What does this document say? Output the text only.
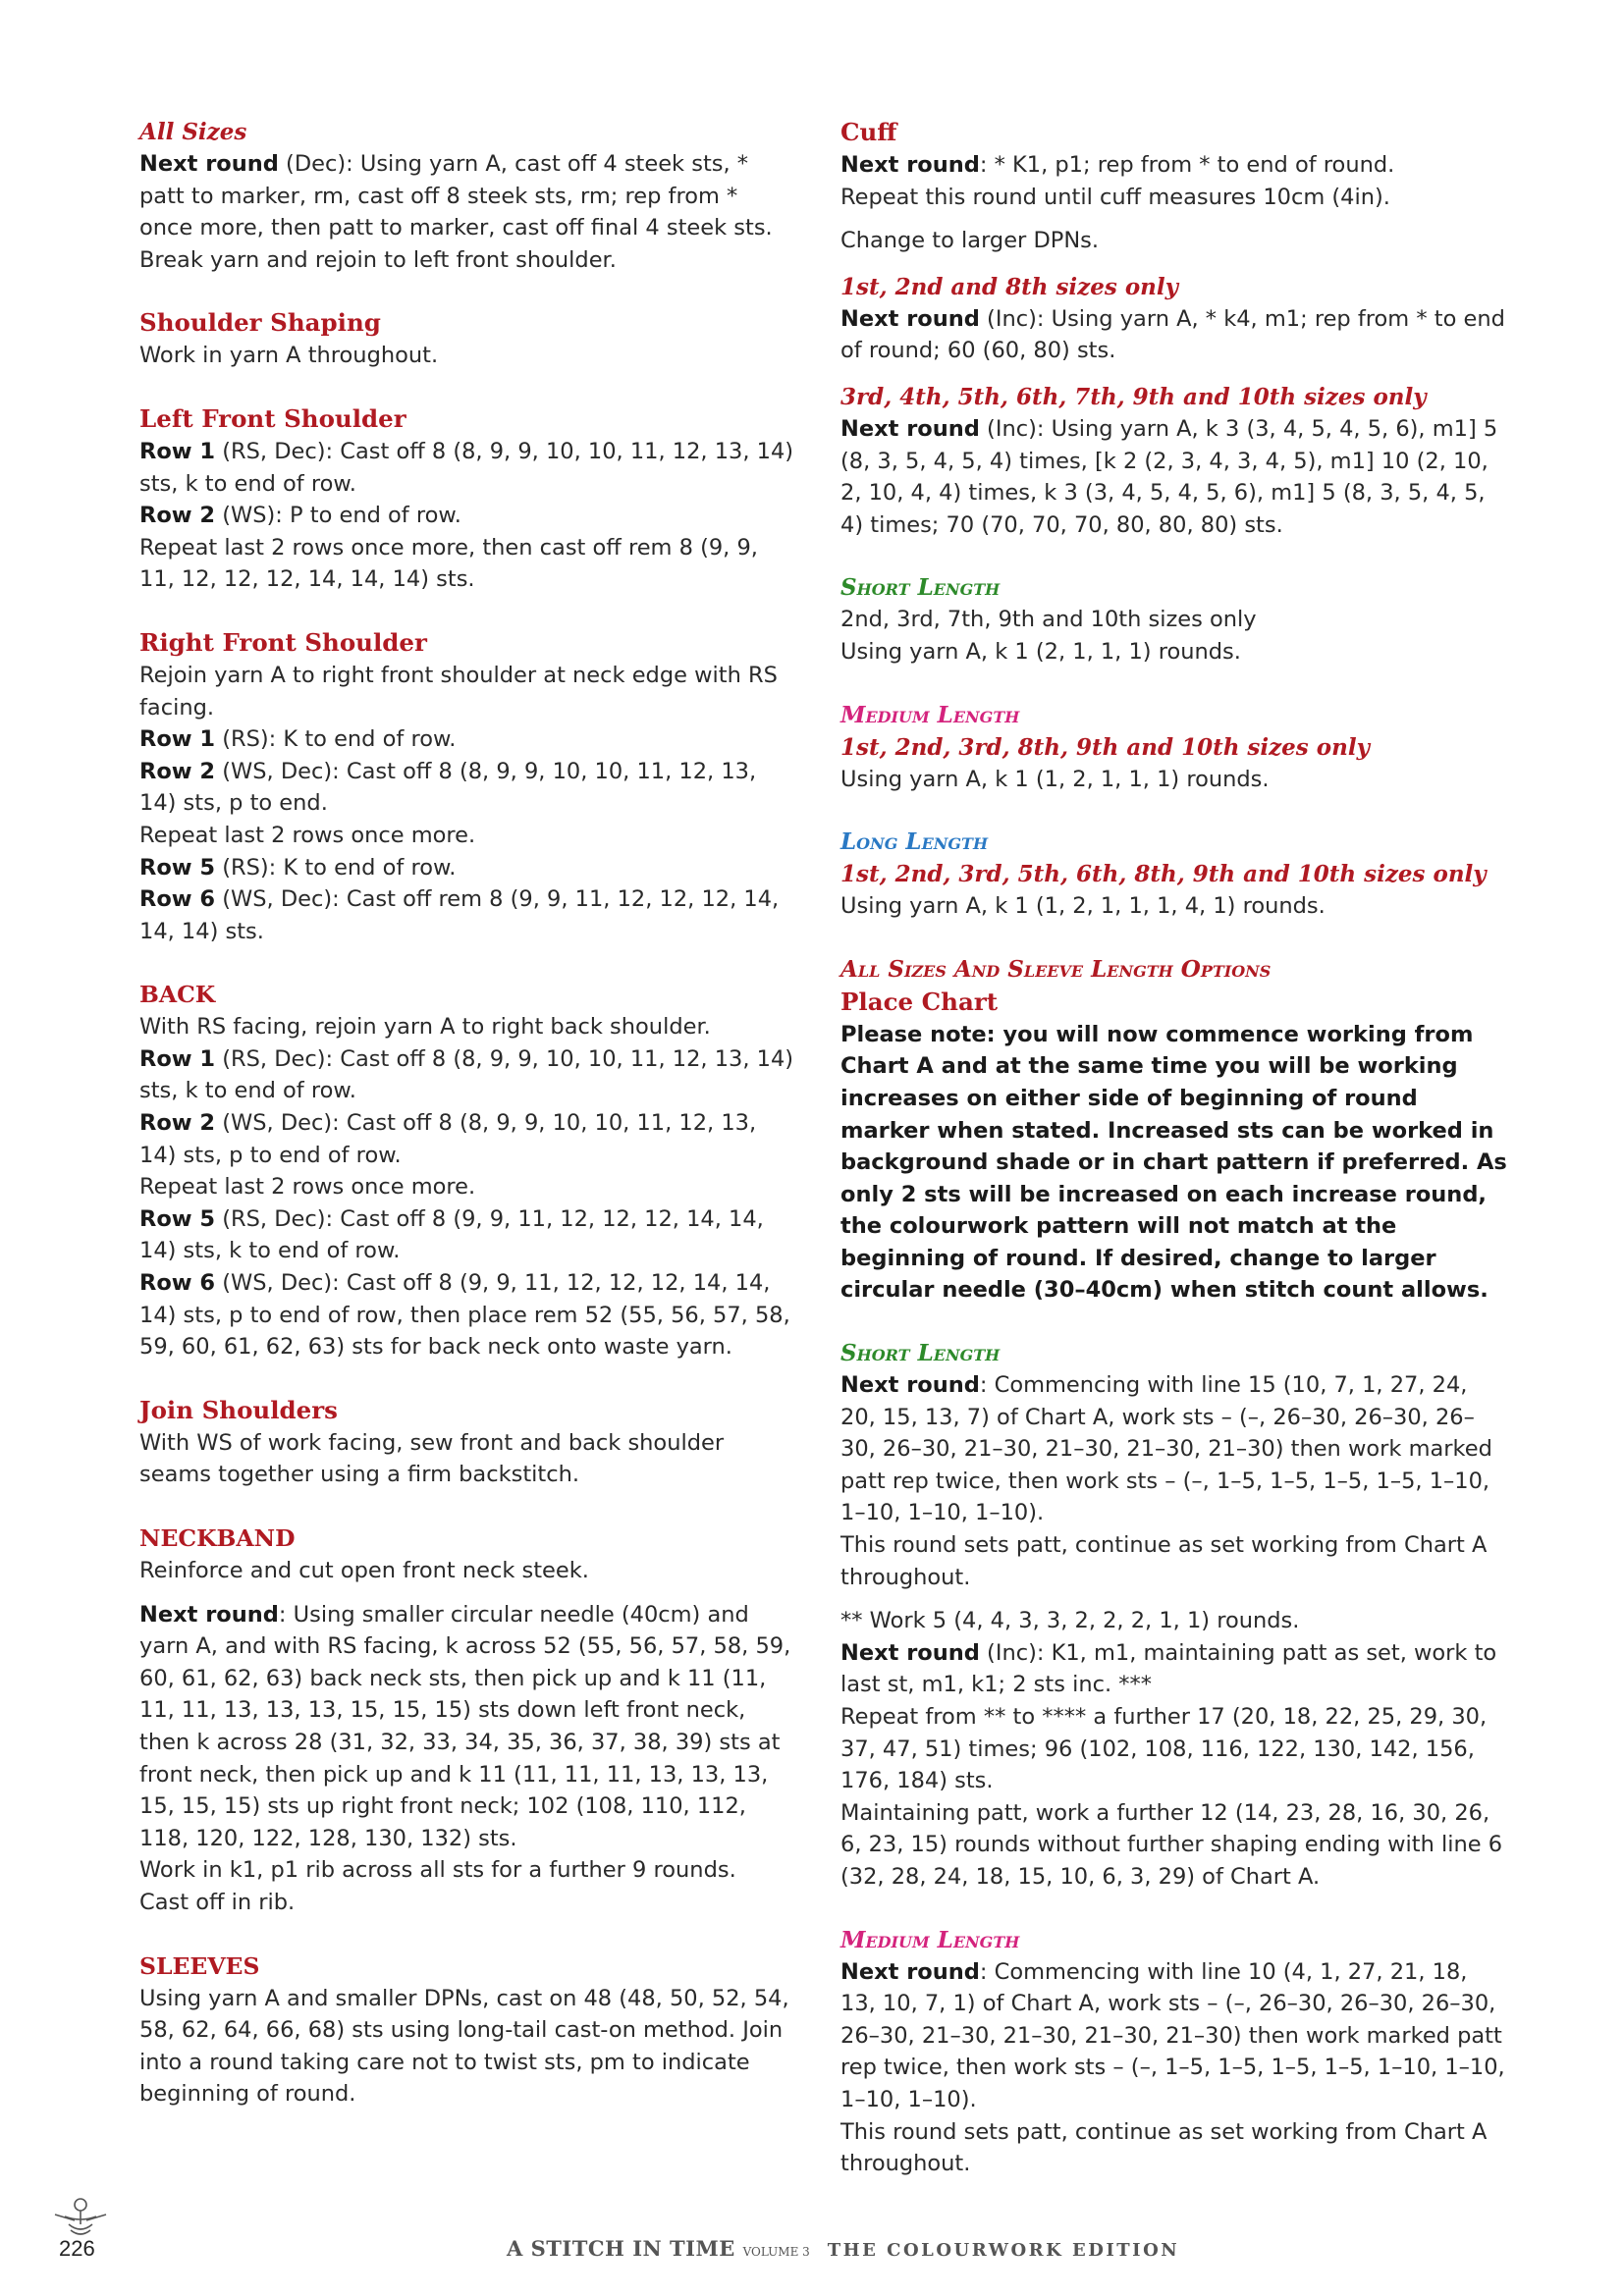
All Sizes

Next round (Dec): Using yarn A, cast off 4 steek sts, * patt to marker, rm, cast off 8 steek sts, rm; rep from * once more, then patt to marker, cast off final 4 steek sts. Break yarn and rejoin to left front shoulder.

Shoulder Shaping

Work in yarn A throughout.

Left Front Shoulder

Row 1 (RS, Dec): Cast off 8 (8, 9, 9, 10, 10, 11, 12, 13, 14) sts, k to end of row.

Row 2 (WS): P to end of row.

Repeat last 2 rows once more, then cast off rem 8 (9, 9, 11, 12, 12, 12, 14, 14, 14) sts.

Right Front Shoulder

Rejoin yarn A to right front shoulder at neck edge with RS facing.

Row 1 (RS): K to end of row.

Row 2 (WS, Dec): Cast off 8 (8, 9, 9, 10, 10, 11, 12, 13, 14) sts, p to end.

Repeat last 2 rows once more.

Row 5 (RS): K to end of row.

Row 6 (WS, Dec): Cast off rem 8 (9, 9, 11, 12, 12, 12, 14, 14, 14) sts.

BACK

With RS facing, rejoin yarn A to right back shoulder.

Row 1 (RS, Dec): Cast off 8 (8, 9, 9, 10, 10, 11, 12, 13, 14) sts, k to end of row.

Row 2 (WS, Dec): Cast off 8 (8, 9, 9, 10, 10, 11, 12, 13, 14) sts, p to end of row.

Repeat last 2 rows once more.

Row 5 (RS, Dec): Cast off 8 (9, 9, 11, 12, 12, 12, 14, 14, 14) sts, k to end of row.

Row 6 (WS, Dec): Cast off 8 (9, 9, 11, 12, 12, 12, 14, 14, 14) sts, p to end of row, then place rem 52 (55, 56, 57, 58, 59, 60, 61, 62, 63) sts for back neck onto waste yarn.

Join Shoulders

With WS of work facing, sew front and back shoulder seams together using a firm backstitch.

NECKBAND

Reinforce and cut open front neck steek.

Next round: Using smaller circular needle (40cm) and yarn A, and with RS facing, k across 52 (55, 56, 57, 58, 59, 60, 61, 62, 63) back neck sts, then pick up and k 11 (11, 11, 11, 13, 13, 13, 15, 15, 15) sts down left front neck, then k across 28 (31, 32, 33, 34, 35, 36, 37, 38, 39) sts at front neck, then pick up and k 11 (11, 11, 11, 13, 13, 13, 15, 15, 15) sts up right front neck; 102 (108, 110, 112, 118, 120, 122, 128, 130, 132) sts.

Work in k1, p1 rib across all sts for a further 9 rounds.

Cast off in rib.

SLEEVES

Using yarn A and smaller DPNs, cast on 48 (48, 50, 52, 54, 58, 62, 64, 66, 68) sts using long-tail cast-on method. Join into a round taking care not to twist sts, pm to indicate beginning of round.

Cuff

Next round: * K1, p1; rep from * to end of round.

Repeat this round until cuff measures 10cm (4in).

Change to larger DPNs.

1st, 2nd and 8th sizes only

Next round (Inc): Using yarn A, * k4, m1; rep from * to end of round; 60 (60, 80) sts.

3rd, 4th, 5th, 6th, 7th, 9th and 10th sizes only

Next round (Inc): Using yarn A, k 3 (3, 4, 5, 4, 5, 6), m1] 5 (8, 3, 5, 4, 5, 4) times, [k 2 (2, 3, 4, 3, 4, 5), m1] 10 (2, 10, 2, 10, 4, 4) times, k 3 (3, 4, 5, 4, 5, 6), m1] 5 (8, 3, 5, 4, 5, 4) times; 70 (70, 70, 70, 80, 80, 80) sts.

Short Length

2nd, 3rd, 7th, 9th and 10th sizes only

Using yarn A, k 1 (2, 1, 1, 1) rounds.

Medium Length
1st, 2nd, 3rd, 8th, 9th and 10th sizes only

Using yarn A, k 1 (1, 2, 1, 1, 1) rounds.

Long Length
1st, 2nd, 3rd, 5th, 6th, 8th, 9th and 10th sizes only

Using yarn A, k 1 (1, 2, 1, 1, 1, 4, 1) rounds.

All Sizes And Sleeve Length Options
Place Chart

Please note: you will now commence working from Chart A and at the same time you will be working increases on either side of beginning of round marker when stated. Increased sts can be worked in background shade or in chart pattern if preferred. As only 2 sts will be increased on each increase round, the colourwork pattern will not match at the beginning of round. If desired, change to larger circular needle (30–40cm) when stitch count allows.

Short Length

Next round: Commencing with line 15 (10, 7, 1, 27, 24, 20, 15, 13, 7) of Chart A, work sts – (–, 26–30, 26–30, 26–30, 26–30, 21–30, 21–30, 21–30, 21–30) then work marked patt rep twice, then work sts – (–, 1–5, 1–5, 1–5, 1–5, 1–10, 1–10, 1–10, 1–10).

This round sets patt, continue as set working from Chart A throughout.

** Work 5 (4, 4, 3, 3, 2, 2, 2, 1, 1) rounds.

Next round (Inc): K1, m1, maintaining patt as set, work to last st, m1, k1; 2 sts inc. ***

Repeat from ** to **** a further 17 (20, 18, 22, 25, 29, 30, 37, 47, 51) times; 96 (102, 108, 116, 122, 130, 142, 156, 176, 184) sts.

Maintaining patt, work a further 12 (14, 23, 28, 16, 30, 26, 6, 23, 15) rounds without further shaping ending with line 6 (32, 28, 24, 18, 15, 10, 6, 3, 29) of Chart A.

Medium Length

Next round: Commencing with line 10 (4, 1, 27, 21, 18, 13, 10, 7, 1) of Chart A, work sts – (–, 26–30, 26–30, 26–30, 26–30, 21–30, 21–30, 21–30, 21–30) then work marked patt rep twice, then work sts – (–, 1–5, 1–5, 1–5, 1–5, 1–10, 1–10, 1–10, 1–10).

This round sets patt, continue as set working from Chart A throughout.

226	A STITCH IN TIME VOLUME 3 THE COLOURWORK EDITION
